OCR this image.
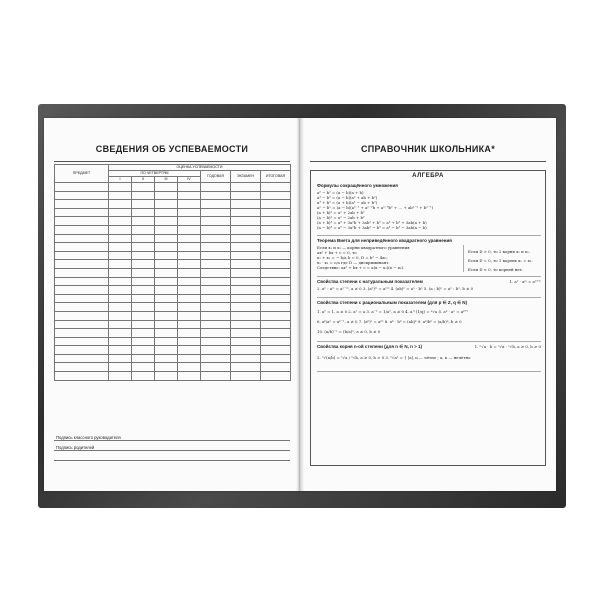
СВЕДЕНИЯ ОБ УСПЕВАЕМОСТИ
ПРЕДМЕТ	ОЦЕНКА УСПЕВАЕМОСТИ						
	ПО ЧЕТВЕРТЯМ				ГОДОВАЯ	ЭКЗАМЕН	ИТОГОВАЯ
	I	II	III	IV			

Подпись классного руководителя
Подпись родителей
СПРАВОЧНИК ШКОЛЬНИКА*
АЛГЕБРА
Формулы сокращённого умножения
a² − b² = (a − b)(a + b)
a³ − b³ = (a − b)(a² + ab + b²)
a³ + b³ = (a + b)(a² − ab + b²)
aⁿ − bⁿ = (a − b)(aⁿ⁻¹ + aⁿ⁻²b + aⁿ⁻³b² + … + abⁿ⁻² + bⁿ⁻¹)
(a + b)² = a² + 2ab + b²
(a − b)² = a² − 2ab + b²
(a + b)³ = a³ + 3a²b + 3ab² + b³ = a³ + b³ + 3ab(a + b)
(a − b)³ = a³ − 3a²b + 3ab² − b³ = a³ − b³ − 3ab(a − b)
Теорема Виета для неприведённого квадратного уравнения
Если x₁ и x₂ — корни квадратного уравнения
ax² + bx + c = 0, то
x₁ + x₂ = − b/a b = 0, D = b² − 4ac,
x₁ · x₂ = c/a где D — дискриминант.
Следствие: ax² + bx + c = a(x − x₁)(x − x₂).
Если D > 0, то 2 корня x₁ и x₂.
Если D = 0, то 1 корень x₁ = x₂.
Если D < 0, то корней нет.
Свойства степени с натуральным показателем	1. aⁿ · aᵐ = aⁿ⁺ᵐ
2. aⁿ : aᵐ = aⁿ⁻ᵐ, a ≠ 0 3. (aⁿ)ᵐ = aⁿᵐ 4. (ab)ⁿ = aⁿ · bⁿ 5. (a : b)ⁿ = aⁿ : bⁿ, b ≠ 0
Свойства степени с рациональным показателем (для p ∈ Z, q ∈ N)
1. a⁰ = 1, a ≠ 0 2. a¹ = a 3. a⁻ⁿ = 1/aⁿ, a ≠ 0 4. a^(1/q) = ᵠ√a 5. aᵖ · aⁿ = aᵖ⁺ⁿ
6. aᵖ/aⁿ = aᵖ⁻ⁿ, a ≠ 0 7. (aᵖ)ⁿ = aᵖⁿ 8. aᵖ · bᵖ = (ab)ᵖ 9. aᵖ/bᵖ = (a/b)ᵖ, b ≠ 0
10. (a/b)⁻ⁿ = (b/a)ⁿ, a ≠ 0, b ≠ 0
Свойства корня n-ой степени (для n ∈ N, n > 1)	1. ⁿ√a · b = ⁿ√a · ⁿ√b, a ≥ 0, b ≥ 0
2. ⁿ√(a/b) = ⁿ√a / ⁿ√b, a ≥ 0, b > 0 3. ⁿ√aⁿ = { |a|, n — чётно ; a, n — нечётно
